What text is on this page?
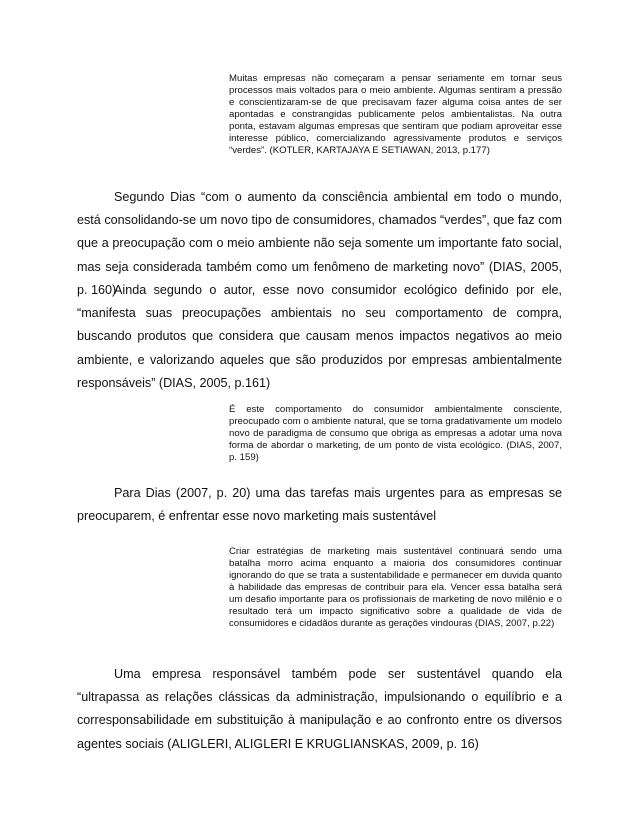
Muitas empresas não começaram a pensar seriamente em tornar seus processos mais voltados para o meio ambiente. Algumas sentiram a pressão e conscientizaram-se de que precisavam fazer alguma coisa antes de ser apontadas e constrangidas publicamente pelos ambientalistas. Na outra ponta, estavam algumas empresas que sentiram que podiam aproveitar esse interesse público, comercializando agressivamente produtos e serviços “verdes”. (KOTLER, KARTAJAYA E SETIAWAN, 2013, p.177)

Segundo Dias “com o aumento da consciência ambiental em todo o mundo, está consolidando-se um novo tipo de consumidores, chamados “verdes”, que faz com que a preocupação com o meio ambiente não seja somente um importante fato social, mas seja considerada também como um fenômeno de marketing novo” (DIAS, 2005, p. 160)

Ainda segundo o autor, esse novo consumidor ecológico definido por ele, “manifesta suas preocupações ambientais no seu comportamento de compra, buscando produtos que considera que causam menos impactos negativos ao meio ambiente, e valorizando aqueles que são produzidos por empresas ambientalmente responsáveis” (DIAS, 2005, p.161)

É este comportamento do consumidor ambientalmente consciente, preocupado com o ambiente natural, que se torna gradativamente um modelo novo de paradigma de consumo que obriga as empresas a adotar uma nova forma de abordar o marketing, de um ponto de vista ecológico. (DIAS, 2007, p. 159)

Para Dias (2007, p. 20) uma das tarefas mais urgentes para as empresas se preocuparem, é enfrentar esse novo marketing mais sustentável

Criar estratégias de marketing mais sustentável continuará sendo uma batalha morro acima enquanto a maioria dos consumidores continuar ignorando do que se trata a sustentabilidade e permanecer em duvida quanto à habilidade das empresas de contribuir para ela. Vencer essa batalha será um desafio importante para os profissionais de marketing de novo milênio e o resultado terá um impacto significativo sobre a qualidade de vida de consumidores e cidadãos durante as gerações vindouras (DIAS, 2007, p.22)

Uma empresa responsável também pode ser sustentável quando ela “ultrapassa as relações clássicas da administração, impulsionando o equilíbrio e a corresponsabilidade em substituição à manipulação e ao confronto entre os diversos agentes sociais (ALIGLERI, ALIGLERI E KRUGLIANSKAS, 2009, p. 16)
